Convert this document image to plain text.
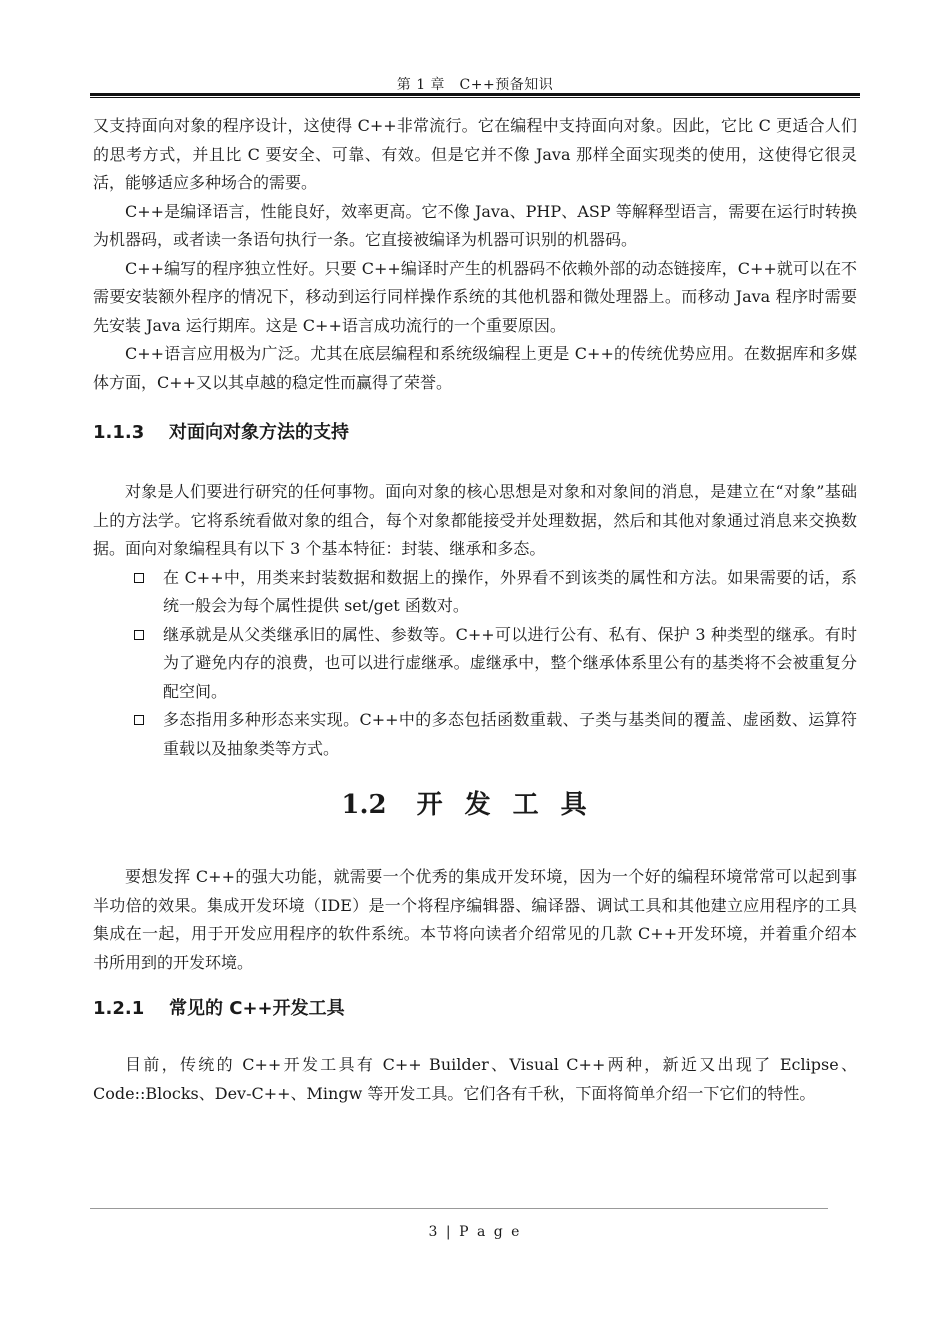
第 1 章　C++预备知识

又支持面向对象的程序设计，这使得 C++非常流行。它在编程中支持面向对象。因此，它比 C 更适合人们的思考方式，并且比 C 要安全、可靠、有效。但是它并不像 Java 那样全面实现类的使用，这使得它很灵活，能够适应多种场合的需要。

C++是编译语言，性能良好，效率更高。它不像 Java、PHP、ASP 等解释型语言，需要在运行时转换为机器码，或者读一条语句执行一条。它直接被编译为机器可识别的机器码。

C++编写的程序独立性好。只要 C++编译时产生的机器码不依赖外部的动态链接库，C++就可以在不需要安装额外程序的情况下，移动到运行同样操作系统的其他机器和微处理器上。而移动 Java 程序时需要先安装 Java 运行期库。这是 C++语言成功流行的一个重要原因。

C++语言应用极为广泛。尤其在底层编程和系统级编程上更是 C++的传统优势应用。在数据库和多媒体方面，C++又以其卓越的稳定性而赢得了荣誉。

1.1.3 对面向对象方法的支持

对象是人们要进行研究的任何事物。面向对象的核心思想是对象和对象间的消息，是建立在“对象”基础上的方法学。它将系统看做对象的组合，每个对象都能接受并处理数据，然后和其他对象通过消息来交换数据。面向对象编程具有以下 3 个基本特征：封装、继承和多态。

在 C++中，用类来封装数据和数据上的操作，外界看不到该类的属性和方法。如果需要的话，系统一般会为每个属性提供 set/get 函数对。
继承就是从父类继承旧的属性、参数等。C++可以进行公有、私有、保护 3 种类型的继承。有时为了避免内存的浪费，也可以进行虚继承。虚继承中，整个继承体系里公有的基类将不会被重复分配空间。
多态指用多种形态来实现。C++中的多态包括函数重载、子类与基类间的覆盖、虚函数、运算符重载以及抽象类等方式。
1.2 开发工具

要想发挥 C++的强大功能，就需要一个优秀的集成开发环境，因为一个好的编程环境常常可以起到事半功倍的效果。集成开发环境（IDE）是一个将程序编辑器、编译器、调试工具和其他建立应用程序的工具集成在一起，用于开发应用程序的软件系统。本节将向读者介绍常见的几款 C++开发环境，并着重介绍本书所用到的开发环境。

1.2.1 常见的 C++开发工具

目前，传统的 C++开发工具有 C++ Builder、Visual C++两种，新近又出现了 Eclipse、Code::Blocks、Dev-C++、Mingw 等开发工具。它们各有千秋，下面将简单介绍一下它们的特性。

3 | P a g e
